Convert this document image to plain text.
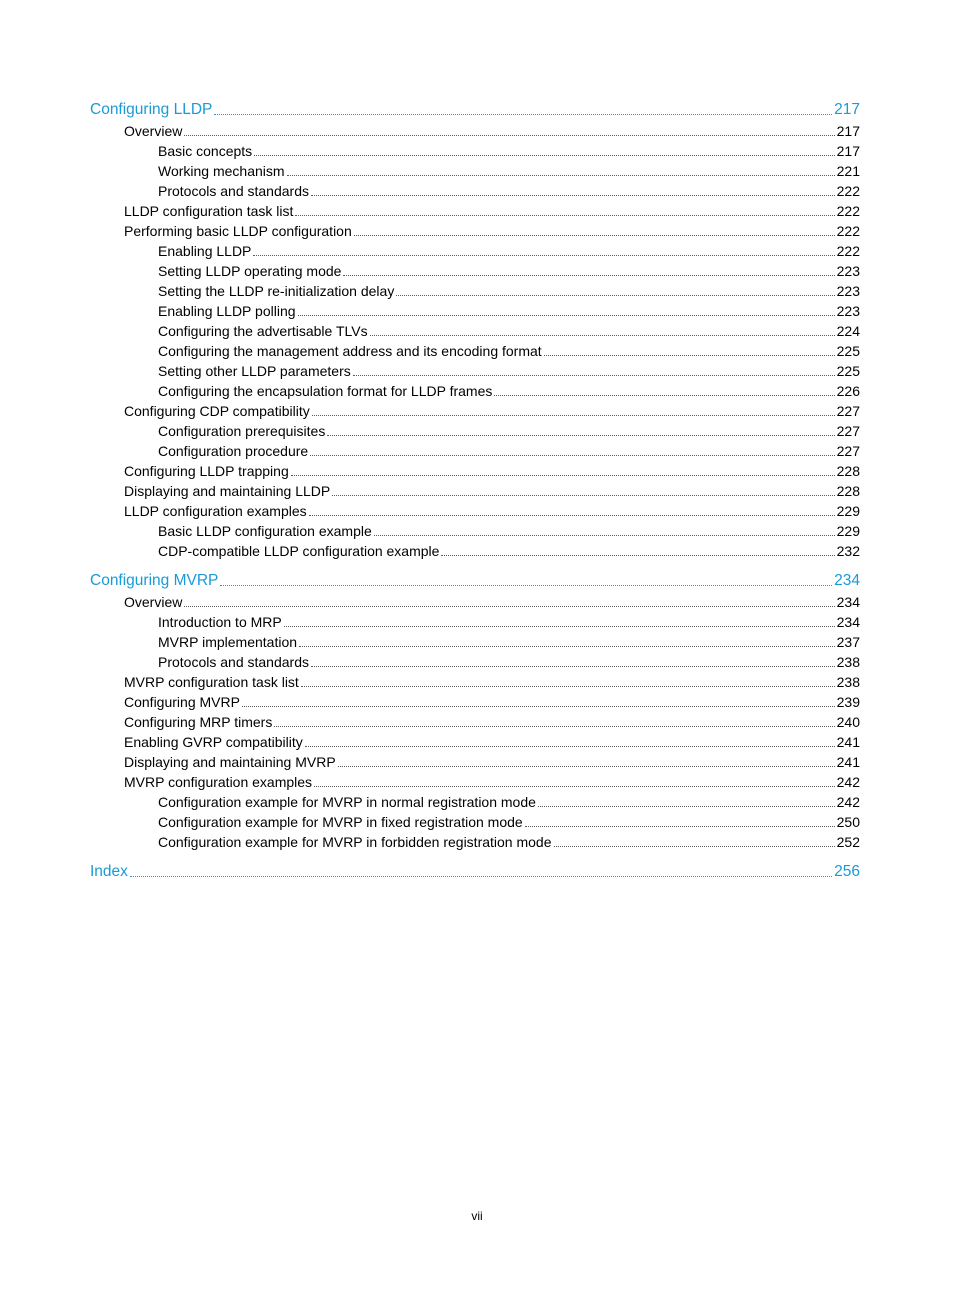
Configuring LLDP	217
Overview	217
Basic concepts	217
Working mechanism	221
Protocols and standards	222
LLDP configuration task list	222
Performing basic LLDP configuration	222
Enabling LLDP	222
Setting LLDP operating mode	223
Setting the LLDP re-initialization delay	223
Enabling LLDP polling	223
Configuring the advertisable TLVs	224
Configuring the management address and its encoding format	225
Setting other LLDP parameters	225
Configuring the encapsulation format for LLDP frames	226
Configuring CDP compatibility	227
Configuration prerequisites	227
Configuration procedure	227
Configuring LLDP trapping	228
Displaying and maintaining LLDP	228
LLDP configuration examples	229
Basic LLDP configuration example	229
CDP-compatible LLDP configuration example	232
Configuring MVRP	234
Overview	234
Introduction to MRP	234
MVRP implementation	237
Protocols and standards	238
MVRP configuration task list	238
Configuring MVRP	239
Configuring MRP timers	240
Enabling GVRP compatibility	241
Displaying and maintaining MVRP	241
MVRP configuration examples	242
Configuration example for MVRP in normal registration mode	242
Configuration example for MVRP in fixed registration mode	250
Configuration example for MVRP in forbidden registration mode	252
Index	256
vii
